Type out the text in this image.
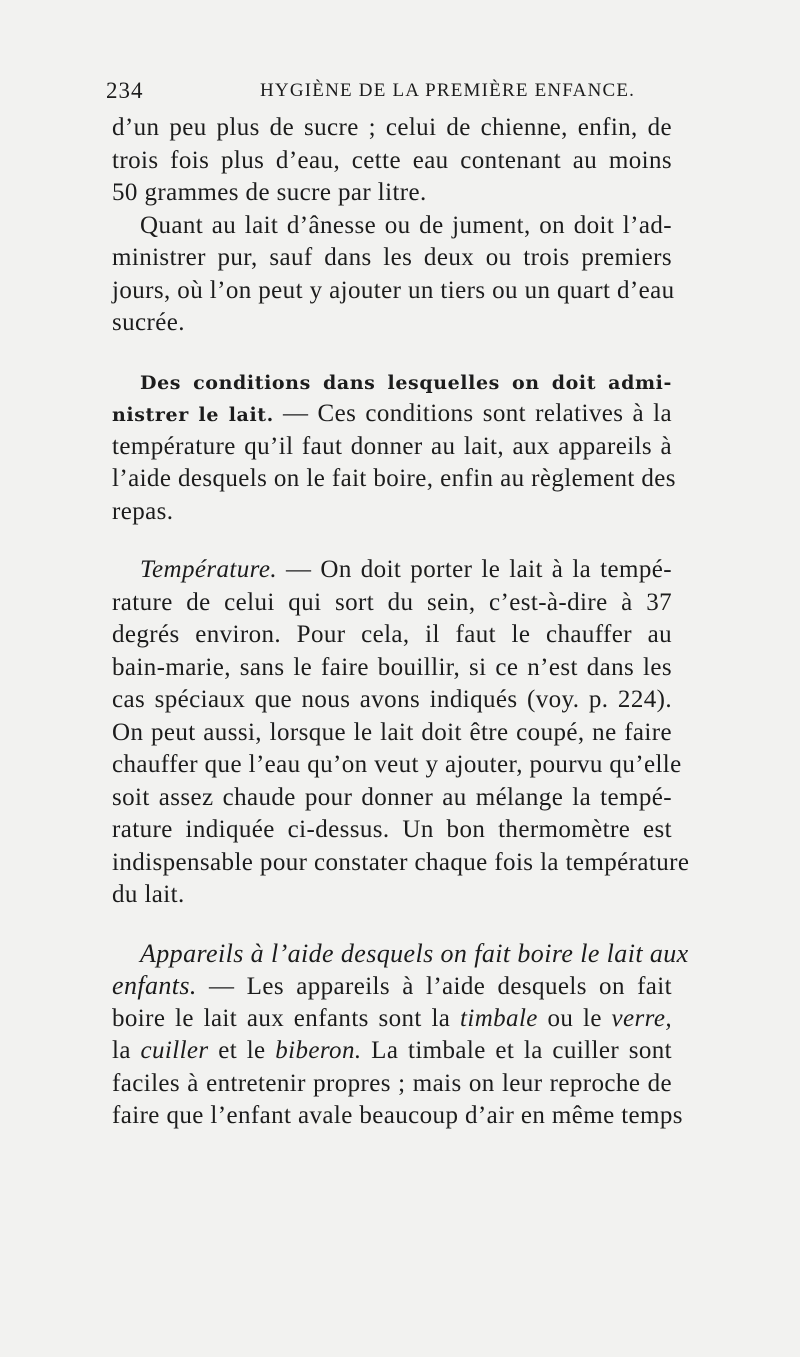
234	HYGIÈNE DE LA PREMIÈRE ENFANCE.
d’un peu plus de sucre ; celui de chienne, enfin, de
trois fois plus d’eau, cette eau contenant au moins
50 grammes de sucre par litre.
Quant au lait d’ânesse ou de jument, on doit l’ad-
ministrer pur, sauf dans les deux ou trois premiers
jours, où l’on peut y ajouter un tiers ou un quart d’eau
sucrée.
Des conditions dans lesquelles on doit admi-
nistrer le lait. — Ces conditions sont relatives à la
température qu’il faut donner au lait, aux appareils à
l’aide desquels on le fait boire, enfin au règlement des
repas.
Température. — On doit porter le lait à la tempé-
rature de celui qui sort du sein, c’est-à-dire à 37
degrés environ. Pour cela, il faut le chauffer au
bain-marie, sans le faire bouillir, si ce n’est dans les
cas spéciaux que nous avons indiqués (voy. p. 224).
On peut aussi, lorsque le lait doit être coupé, ne faire
chauffer que l’eau qu’on veut y ajouter, pourvu qu’elle
soit assez chaude pour donner au mélange la tempé-
rature indiquée ci-dessus. Un bon thermomètre est
indispensable pour constater chaque fois la température
du lait.
Appareils à l’aide desquels on fait boire le lait aux
enfants. — Les appareils à l’aide desquels on fait
boire le lait aux enfants sont la timbale ou le verre,
la cuiller et le biberon. La timbale et la cuiller sont
faciles à entretenir propres ; mais on leur reproche de
faire que l’enfant avale beaucoup d’air en même temps
